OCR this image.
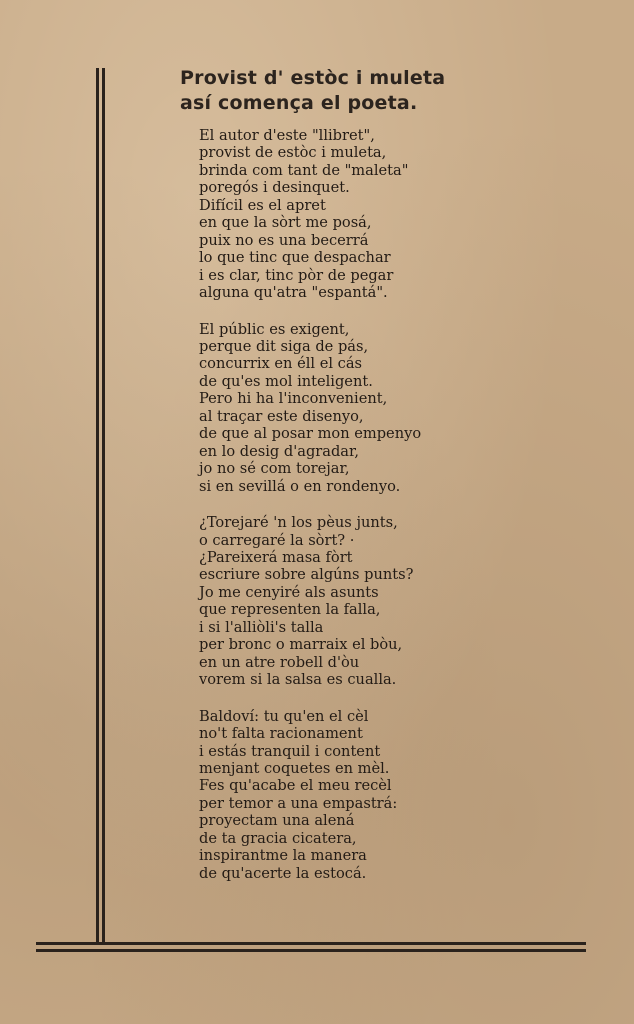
Provist d' estòc i muleta
así comença el poeta.
El autor d'este "llibret",
provist de estòc i muleta,
brinda com tant de "maleta"
poregós i desinquet.
Difícil es el apret
en que la sòrt me posá,
puix no es una becerrá
lo que tinc que despachar
i es clar, tinc pòr de pegar
alguna qu'atra "espantá".
El públic es exigent,
perque dit siga de pás,
concurrix en éll el cás
de qu'es mol inteligent.
Pero hi ha l'inconvenient,
al traçar este disenyo,
de que al posar mon empenyo
en lo desig d'agradar,
jo no sé com torejar,
si en sevillá o en rondenyo.
¿Torejaré 'n los pèus junts,
o carregaré la sòrt? ·
¿Pareixerá masa fòrt
escriure sobre algúns punts?
Jo me cenyiré als asunts
que representen la falla,
i si l'alliòli's talla
per bronc o marraix el bòu,
en un atre robell d'òu
vorem si la salsa es cualla.
Baldoví: tu qu'en el cèl
no't falta racionament
i estás tranquil i content
menjant coquetes en mèl.
Fes qu'acabe el meu recèl
per temor a una empastrá:
proyectam una alená
de ta gracia cicatera,
inspirantme la manera
de qu'acerte la estocá.
